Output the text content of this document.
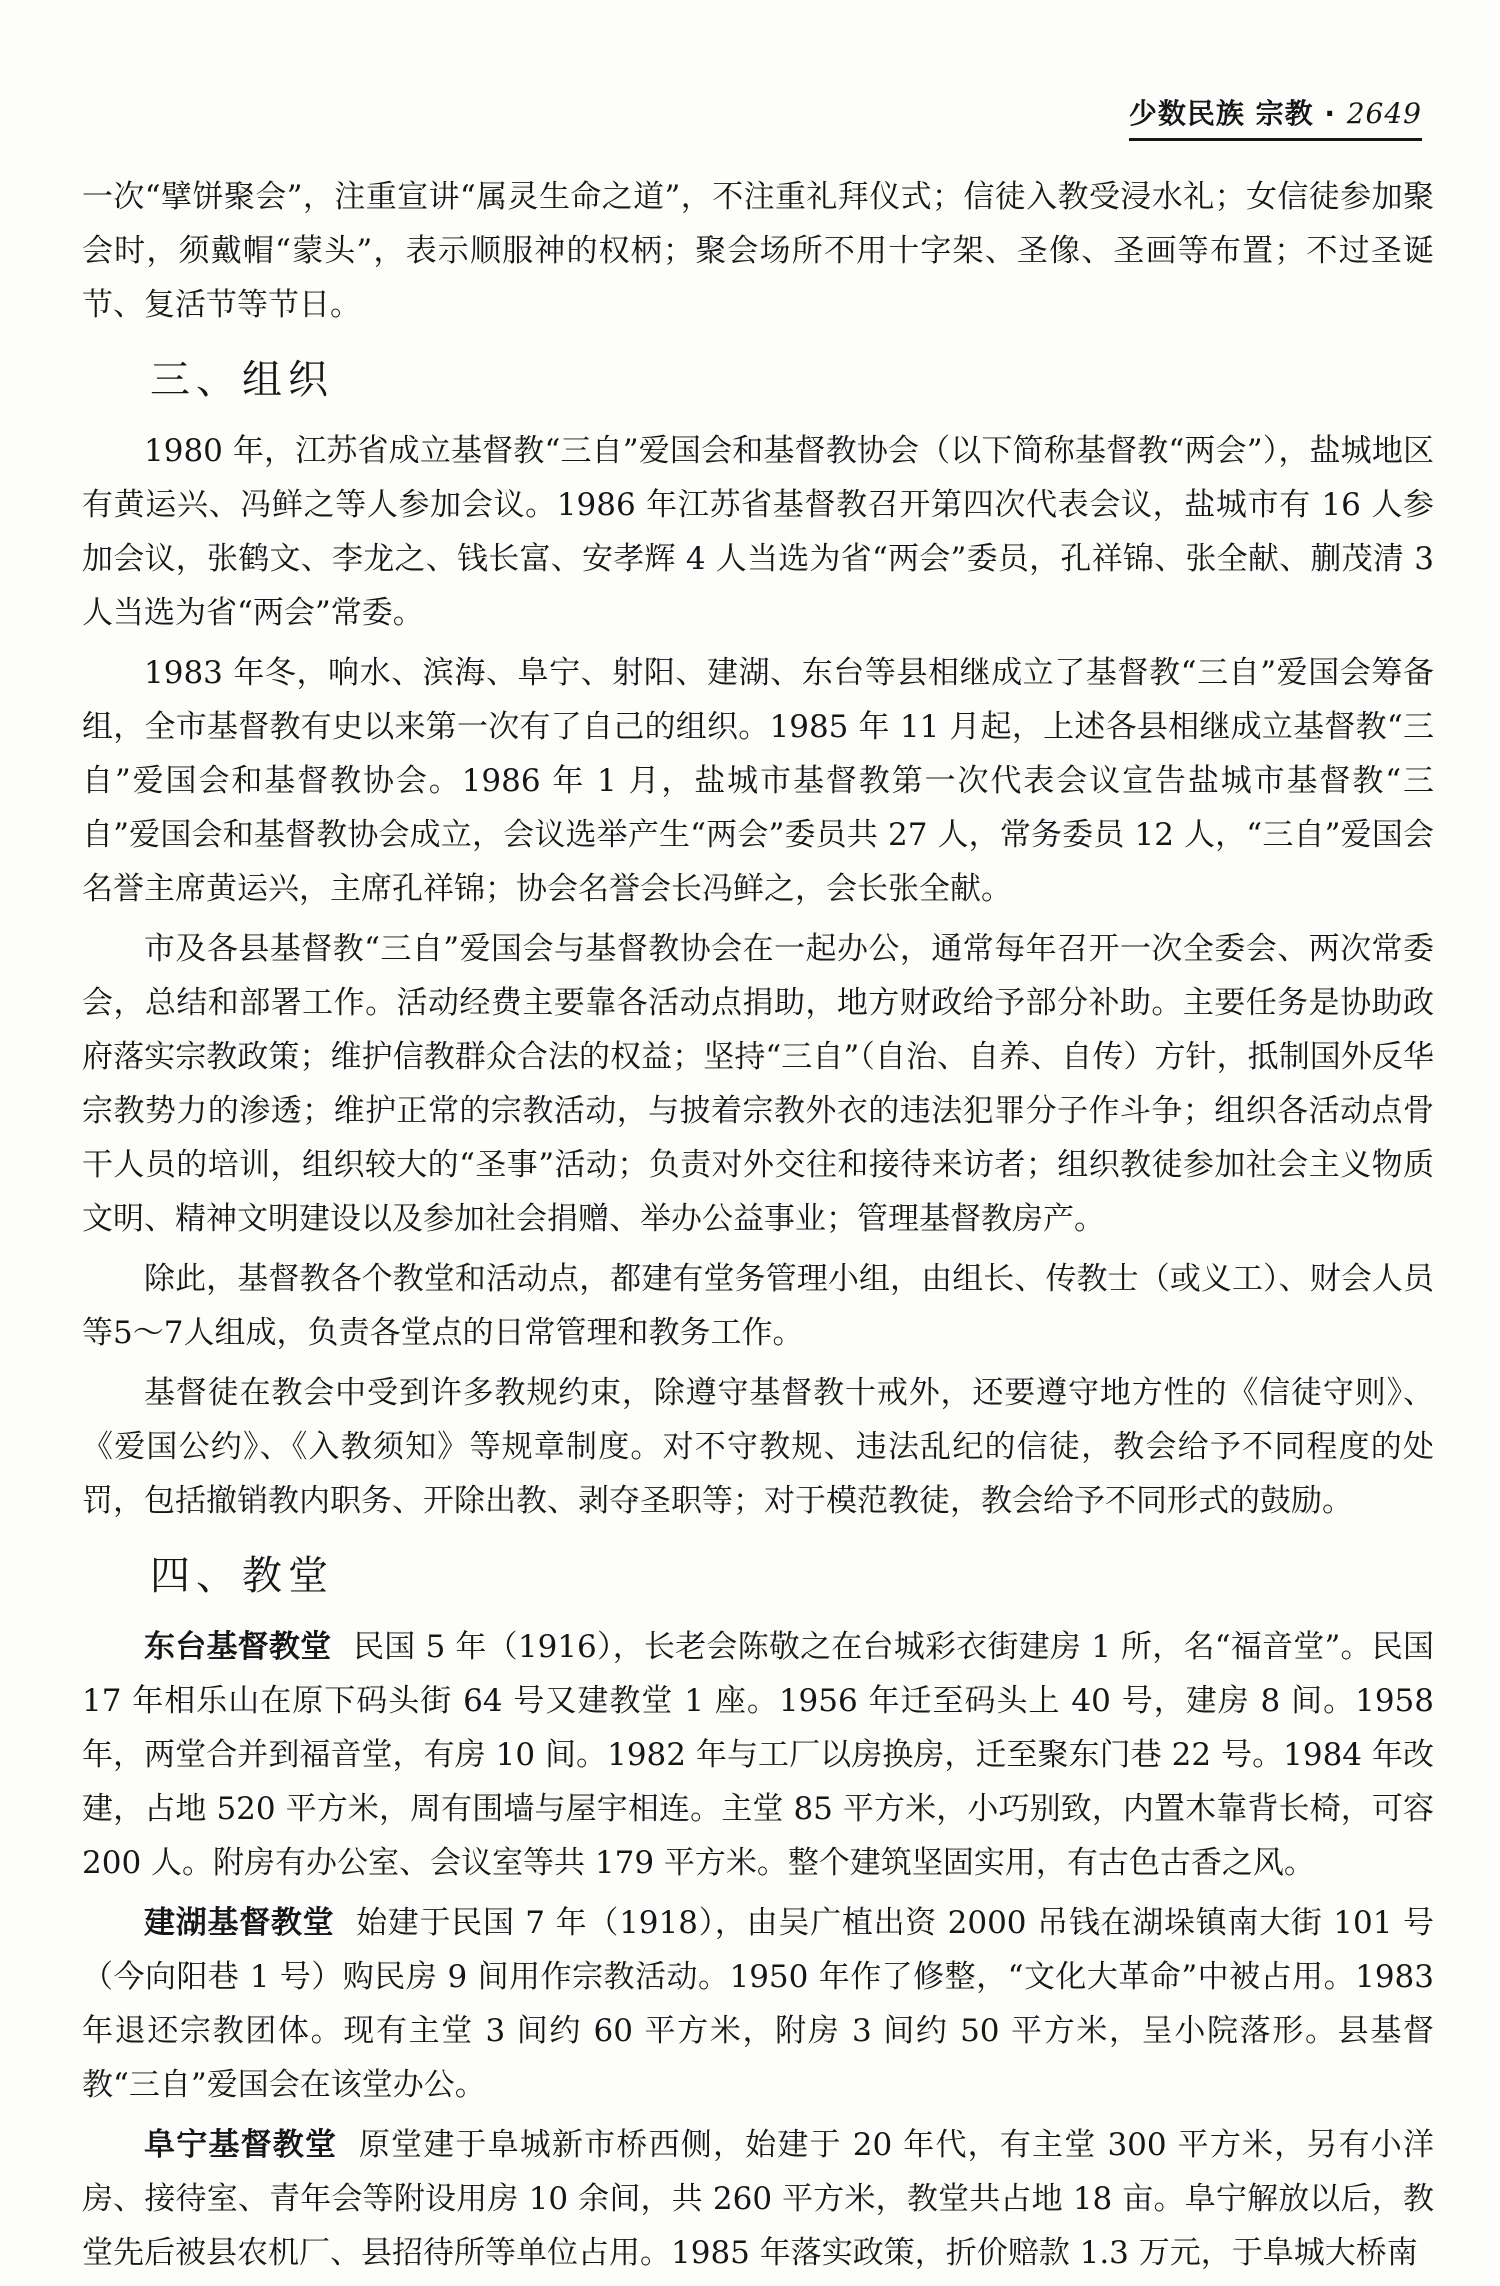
少数民族 宗教 · 2649

一次“擘饼聚会”，注重宣讲“属灵生命之道”，不注重礼拜仪式；信徒入教受浸水礼；女信徒参加聚会时，须戴帽“蒙头”，表示顺服神的权柄；聚会场所不用十字架、圣像、圣画等布置；不过圣诞节、复活节等节日。

三、组织

1980 年，江苏省成立基督教“三自”爱国会和基督教协会（以下简称基督教“两会”），盐城地区有黄运兴、冯鲜之等人参加会议。1986 年江苏省基督教召开第四次代表会议，盐城市有 16 人参加会议，张鹤文、李龙之、钱长富、安孝辉 4 人当选为省“两会”委员，孔祥锦、张全献、蒯茂清 3 人当选为省“两会”常委。

1983 年冬，响水、滨海、阜宁、射阳、建湖、东台等县相继成立了基督教“三自”爱国会筹备组，全市基督教有史以来第一次有了自己的组织。1985 年 11 月起，上述各县相继成立基督教“三自”爱国会和基督教协会。1986 年 1 月，盐城市基督教第一次代表会议宣告盐城市基督教“三自”爱国会和基督教协会成立，会议选举产生“两会”委员共 27 人，常务委员 12 人，“三自”爱国会名誉主席黄运兴，主席孔祥锦；协会名誉会长冯鲜之，会长张全献。

市及各县基督教“三自”爱国会与基督教协会在一起办公，通常每年召开一次全委会、两次常委会，总结和部署工作。活动经费主要靠各活动点捐助，地方财政给予部分补助。主要任务是协助政府落实宗教政策；维护信教群众合法的权益；坚持“三自”（自治、自养、自传）方针，抵制国外反华宗教势力的渗透；维护正常的宗教活动，与披着宗教外衣的违法犯罪分子作斗争；组织各活动点骨干人员的培训，组织较大的“圣事”活动；负责对外交往和接待来访者；组织教徒参加社会主义物质文明、精神文明建设以及参加社会捐赠、举办公益事业；管理基督教房产。

除此，基督教各个教堂和活动点，都建有堂务管理小组，由组长、传教士（或义工）、财会人员等5～7人组成，负责各堂点的日常管理和教务工作。

基督徒在教会中受到许多教规约束，除遵守基督教十戒外，还要遵守地方性的《信徒守则》、《爱国公约》、《入教须知》等规章制度。对不守教规、违法乱纪的信徒，教会给予不同程度的处罚，包括撤销教内职务、开除出教、剥夺圣职等；对于模范教徒，教会给予不同形式的鼓励。

四、教堂

东台基督教堂 民国 5 年（1916），长老会陈敬之在台城彩衣街建房 1 所，名“福音堂”。民国 17 年相乐山在原下码头街 64 号又建教堂 1 座。1956 年迁至码头上 40 号，建房 8 间。1958 年，两堂合并到福音堂，有房 10 间。1982 年与工厂以房换房，迁至聚东门巷 22 号。1984 年改建，占地 520 平方米，周有围墙与屋宇相连。主堂 85 平方米，小巧别致，内置木靠背长椅，可容 200 人。附房有办公室、会议室等共 179 平方米。整个建筑坚固实用，有古色古香之风。

建湖基督教堂 始建于民国 7 年（1918），由吴广植出资 2000 吊钱在湖垛镇南大街 101 号（今向阳巷 1 号）购民房 9 间用作宗教活动。1950 年作了修整，“文化大革命”中被占用。1983 年退还宗教团体。现有主堂 3 间约 60 平方米，附房 3 间约 50 平方米，呈小院落形。县基督教“三自”爱国会在该堂办公。

阜宁基督教堂 原堂建于阜城新市桥西侧，始建于 20 年代，有主堂 300 平方米，另有小洋房、接待室、青年会等附设用房 10 余间，共 260 平方米，教堂共占地 18 亩。阜宁解放以后，教堂先后被县农机厂、县招待所等单位占用。1985 年落实政策，折价赔款 1.3 万元，于阜城大桥南
